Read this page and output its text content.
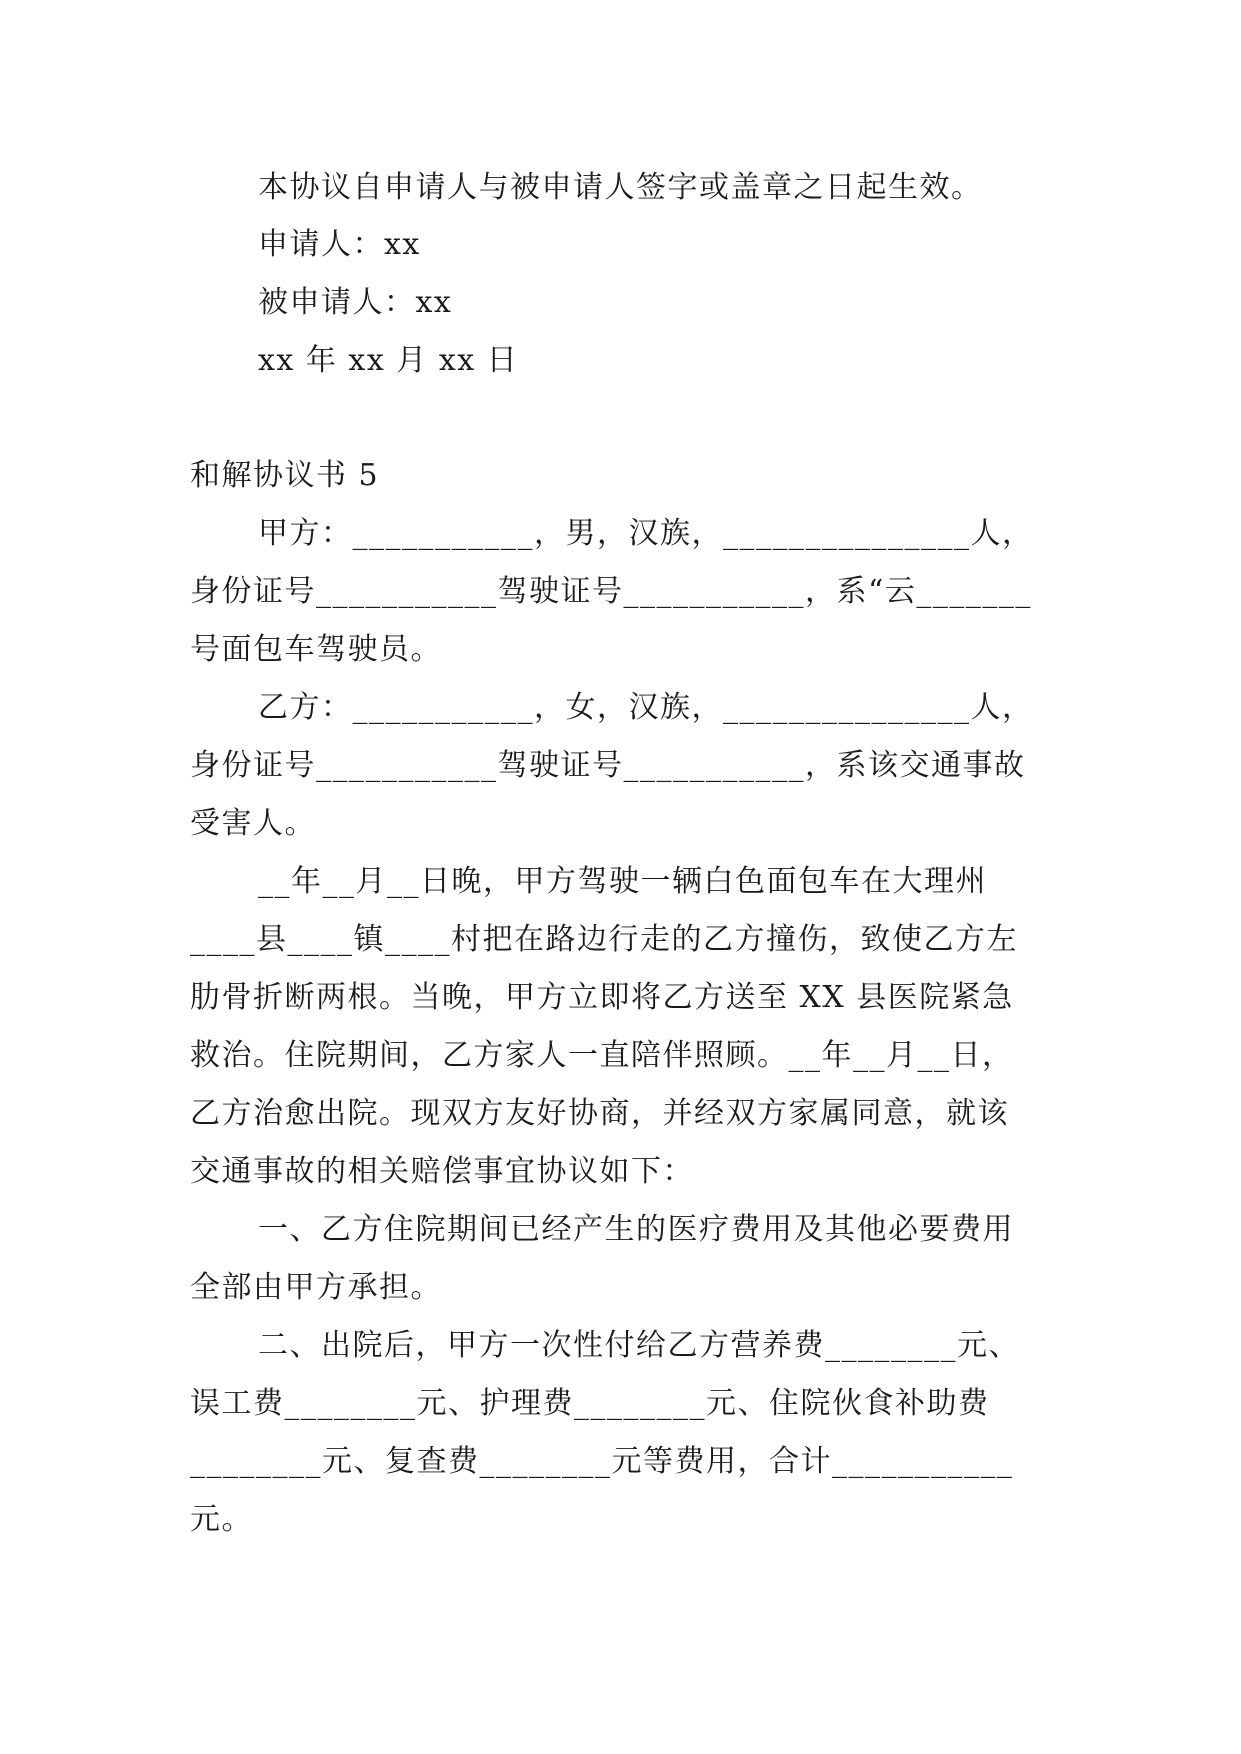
本协议自申请人与被申请人签字或盖章之日起生效。
申请人：xx
被申请人：xx
xx 年 xx 月 xx 日
和解协议书 5
甲方：___________，男，汉族，_______________人，
身份证号___________驾驶证号___________，系“云_______
号面包车驾驶员。
乙方：___________，女，汉族，_______________人，
身份证号___________驾驶证号___________，系该交通事故
受害人。
__年__月__日晚，甲方驾驶一辆白色面包车在大理州
____县____镇____村把在路边行走的乙方撞伤，致使乙方左
肋骨折断两根。当晚，甲方立即将乙方送至 XX 县医院紧急
救治。住院期间，乙方家人一直陪伴照顾。__年__月__日，
乙方治愈出院。现双方友好协商，并经双方家属同意，就该
交通事故的相关赔偿事宜协议如下：
一、乙方住院期间已经产生的医疗费用及其他必要费用
全部由甲方承担。
二、出院后，甲方一次性付给乙方营养费________元、
误工费________元、护理费________元、住院伙食补助费
________元、复查费________元等费用，合计___________
元。
